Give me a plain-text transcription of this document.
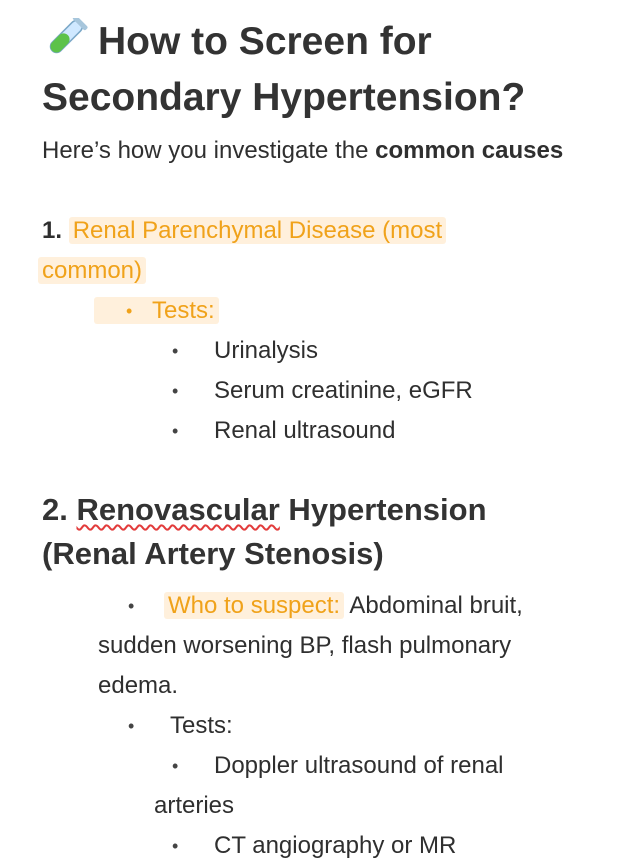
How to Screen for
Secondary Hypertension?
Here’s how you investigate the common causes
1. Renal Parenchymal Disease (most
common)
• Tests:
• Urinalysis
• Serum creatinine, eGFR
• Renal ultrasound
2. Renovascular Hypertension
(Renal Artery Stenosis)
• Who to suspect: Abdominal bruit,
sudden worsening BP, flash pulmonary
edema.
• Tests:
• Doppler ultrasound of renal
arteries
• CT angiography or MR
